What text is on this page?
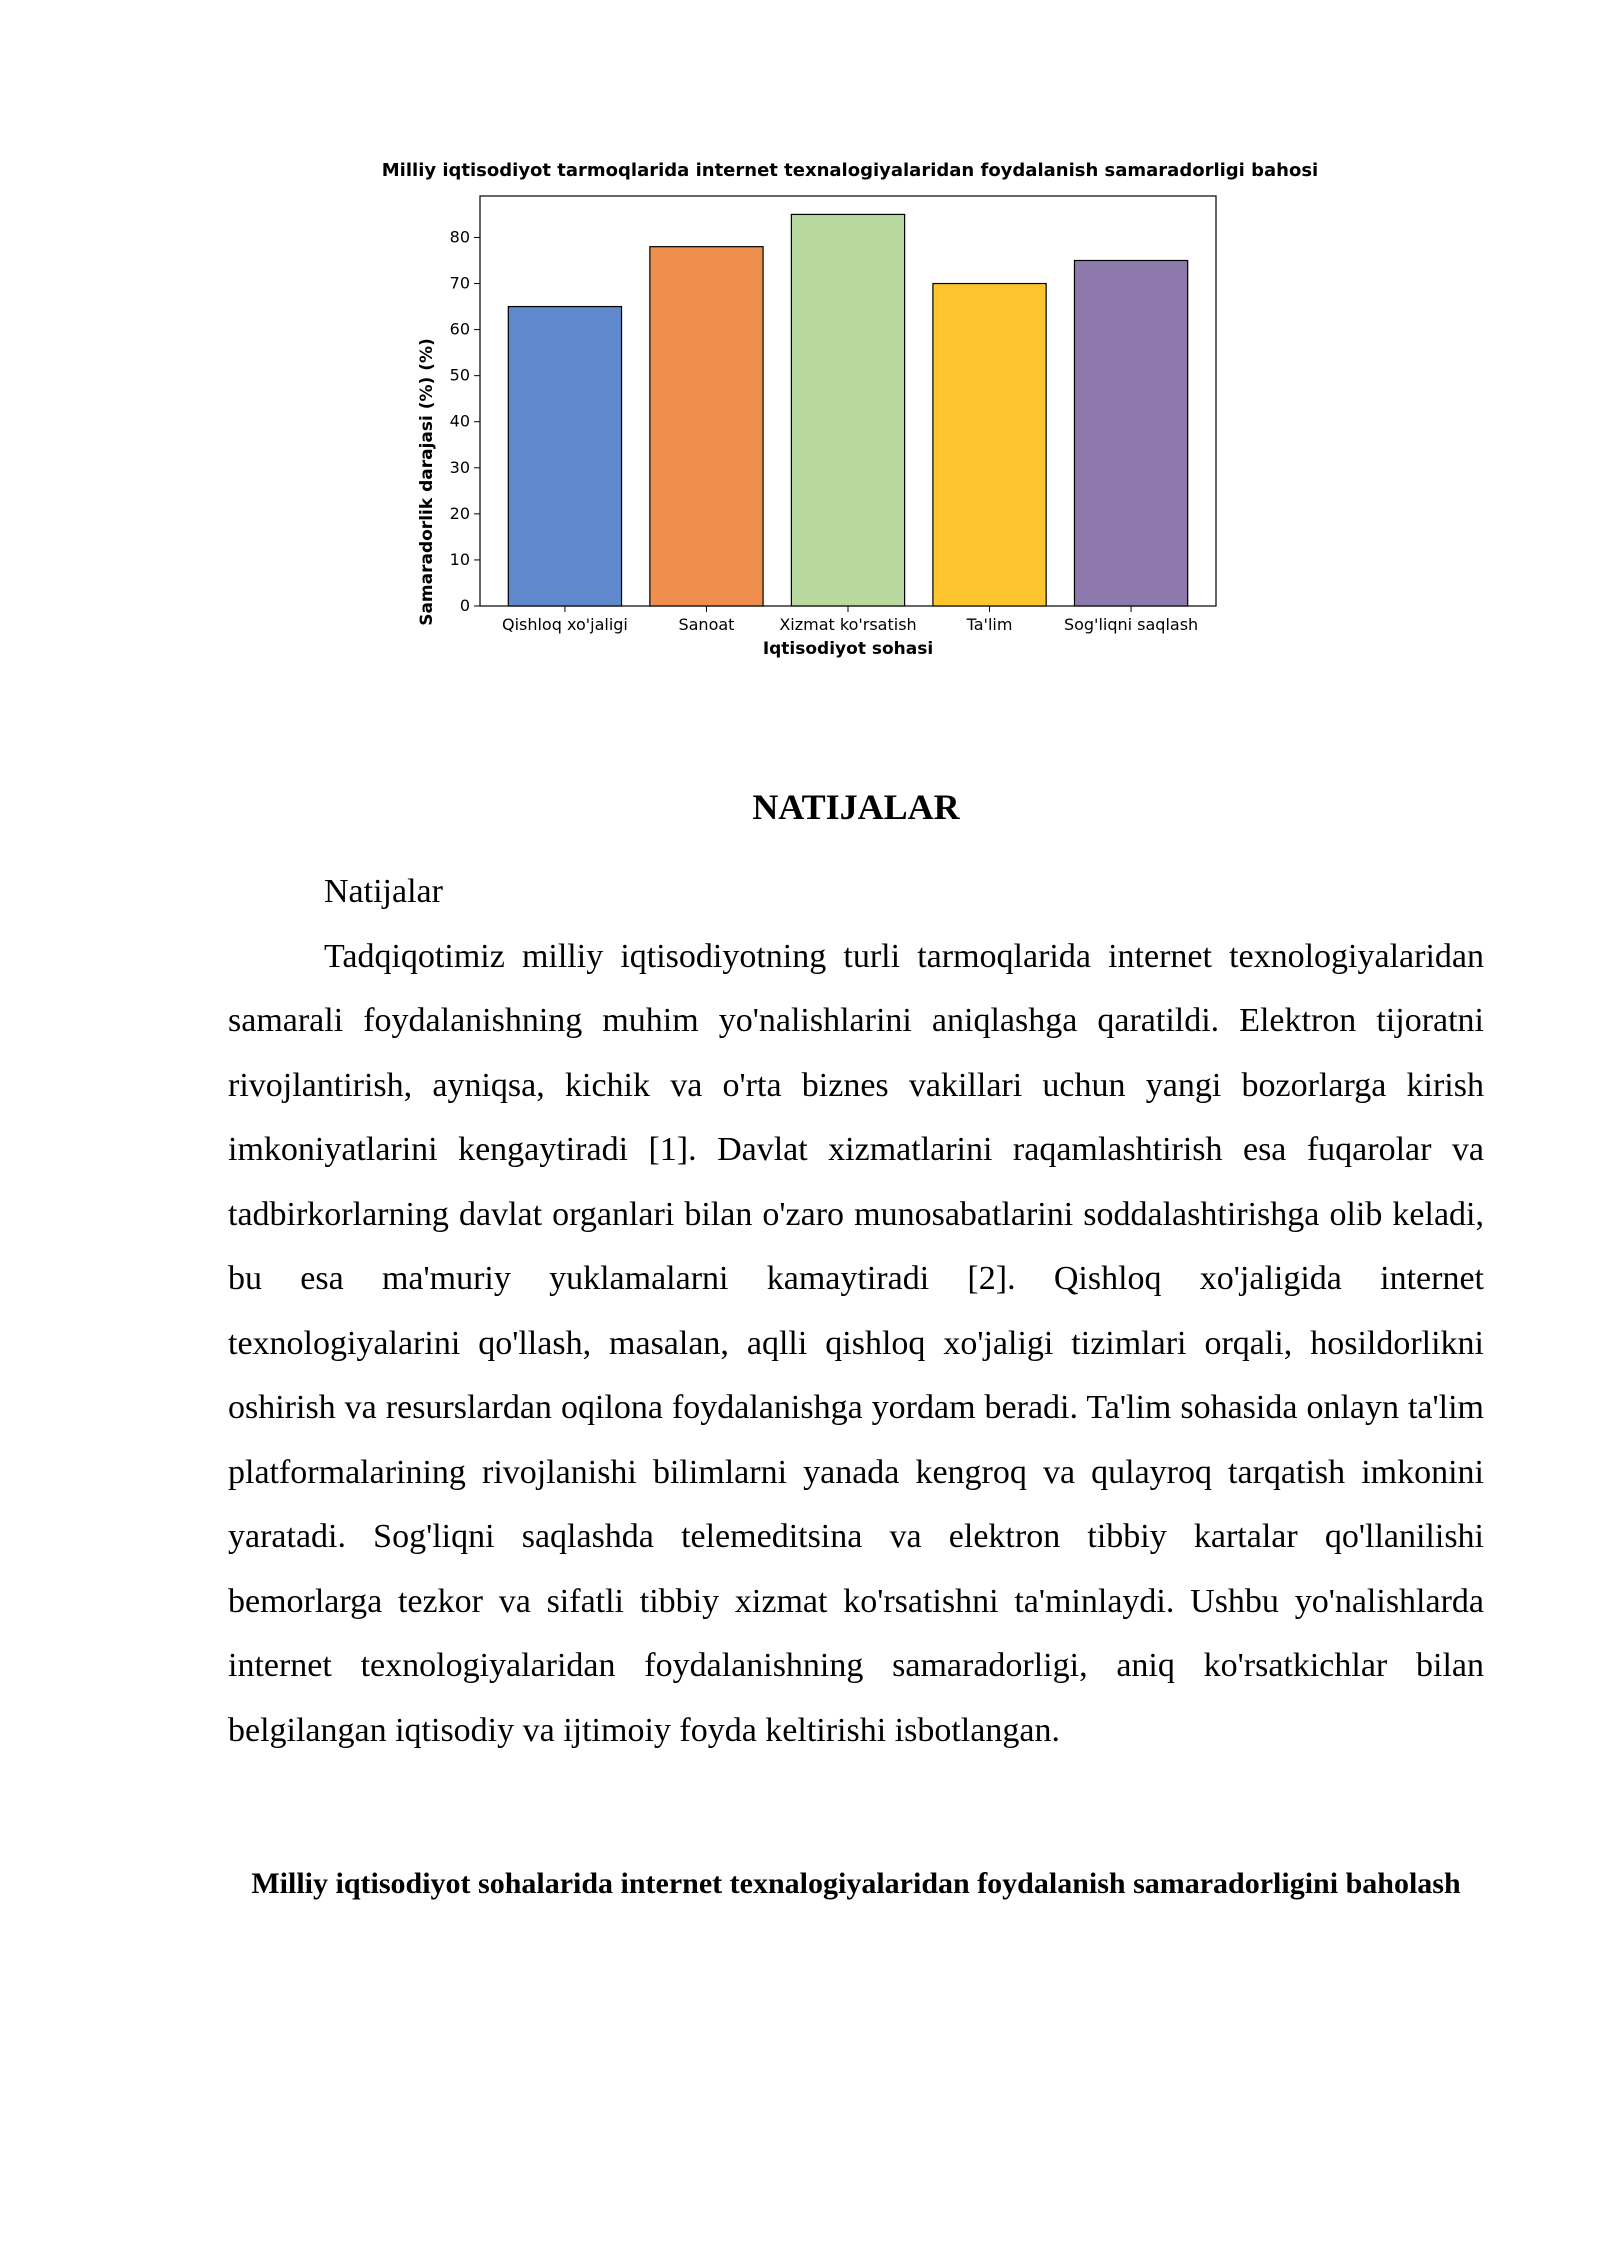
Milliy iqtisodiyot tarmoqlarida internet texnalogiyalaridan foydalanish samaradorligi bahosi
Samaradorlik darajasi (%) (%)
Iqtisodiyot sohasi
0
10
20
30
40
50
60
70
80
Qishloq xo'jaligi	Sanoat	Xizmat ko'rsatish	Ta'lim	Sog'liqni saqlash
NATIJALAR

Natijalar

Tadqiqotimiz milliy iqtisodiyotning turli tarmoqlarida internet texnologiyalaridan samarali foydalanishning muhim yo'nalishlarini aniqlashga qaratildi. Elektron tijoratni rivojlantirish, ayniqsa, kichik va o'rta biznes vakillari uchun yangi bozorlarga kirish imkoniyatlarini kengaytiradi [1]. Davlat xizmatlarini raqamlashtirish esa fuqarolar va tadbirkorlarning davlat organlari bilan o'zaro munosabatlarini soddalashtirishga olib keladi, bu esa ma'muriy yuklamalarni kamaytiradi [2]. Qishloq xo'jaligida internet texnologiyalarini qo'llash, masalan, aqlli qishloq xo'jaligi tizimlari orqali, hosildorlikni oshirish va resurslardan oqilona foydalanishga yordam beradi. Ta'lim sohasida onlayn ta'lim platformalarining rivojlanishi bilimlarni yanada kengroq va qulayroq tarqatish imkonini yaratadi. Sog'liqni saqlashda telemeditsina va elektron tibbiy kartalar qo'llanilishi bemorlarga tezkor va sifatli tibbiy xizmat ko'rsatishni ta'minlaydi. Ushbu yo'nalishlarda internet texnologiyalaridan foydalanishning samaradorligi, aniq ko'rsatkichlar bilan belgilangan iqtisodiy va ijtimoiy foyda keltirishi isbotlangan.

Milliy iqtisodiyot sohalarida internet texnalogiyalaridan foydalanish samaradorligini baholash
